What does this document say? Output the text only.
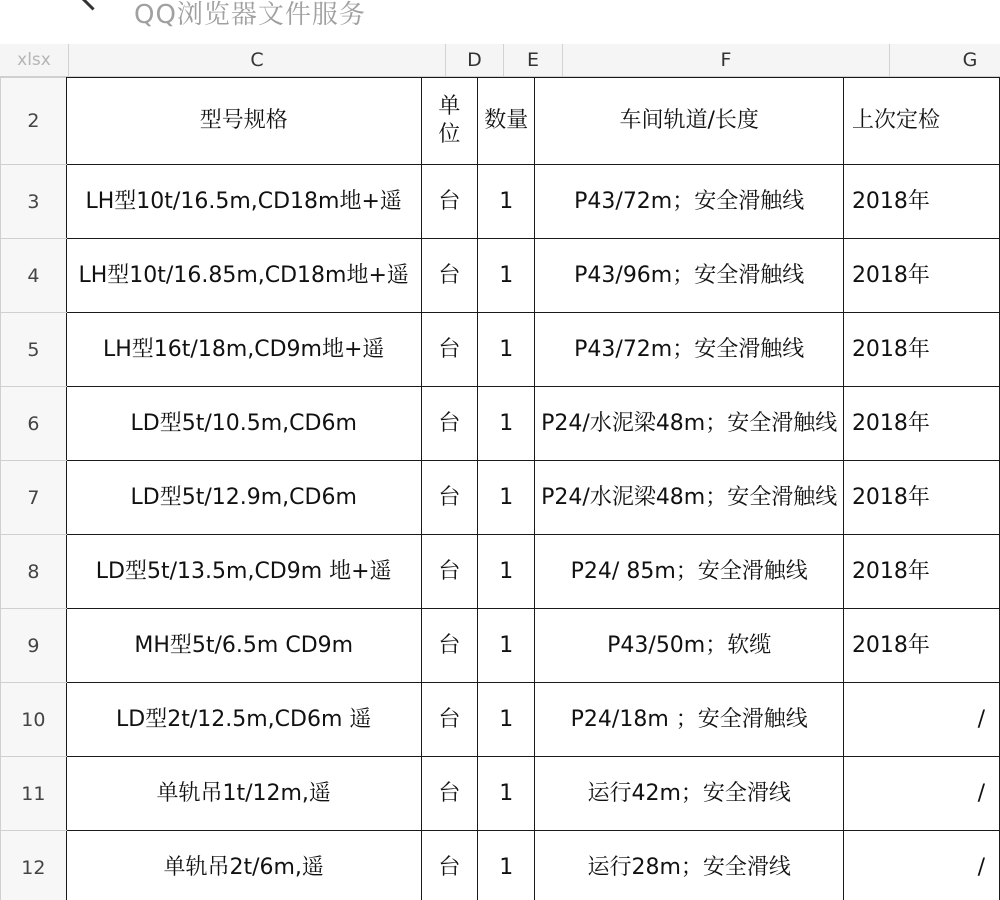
QQ浏览器文件服务
xlsx	C	D	E	F	G
2	型号规格	单位	数量	车间轨道/长度	上次定检
3	LH型10t/16.5m,CD18m地+遥	台	1	P43/72m；安全滑触线	2018年
4	LH型10t/16.85m,CD18m地+遥	台	1	P43/96m；安全滑触线	2018年
5	LH型16t/18m,CD9m地+遥	台	1	P43/72m；安全滑触线	2018年
6	LD型5t/10.5m,CD6m	台	1	P24/水泥梁48m；安全滑触线	2018年
7	LD型5t/12.9m,CD6m	台	1	P24/水泥梁48m；安全滑触线	2018年
8	LD型5t/13.5m,CD9m 地+遥	台	1	P24/ 85m；安全滑触线	2018年
9	MH型5t/6.5m CD9m	台	1	P43/50m；软缆	2018年
10	LD型2t/12.5m,CD6m 遥	台	1	P24/18m ；安全滑触线	/
11	单轨吊1t/12m,遥	台	1	运行42m；安全滑线	/
12	单轨吊2t/6m,遥	台	1	运行28m；安全滑线	/
